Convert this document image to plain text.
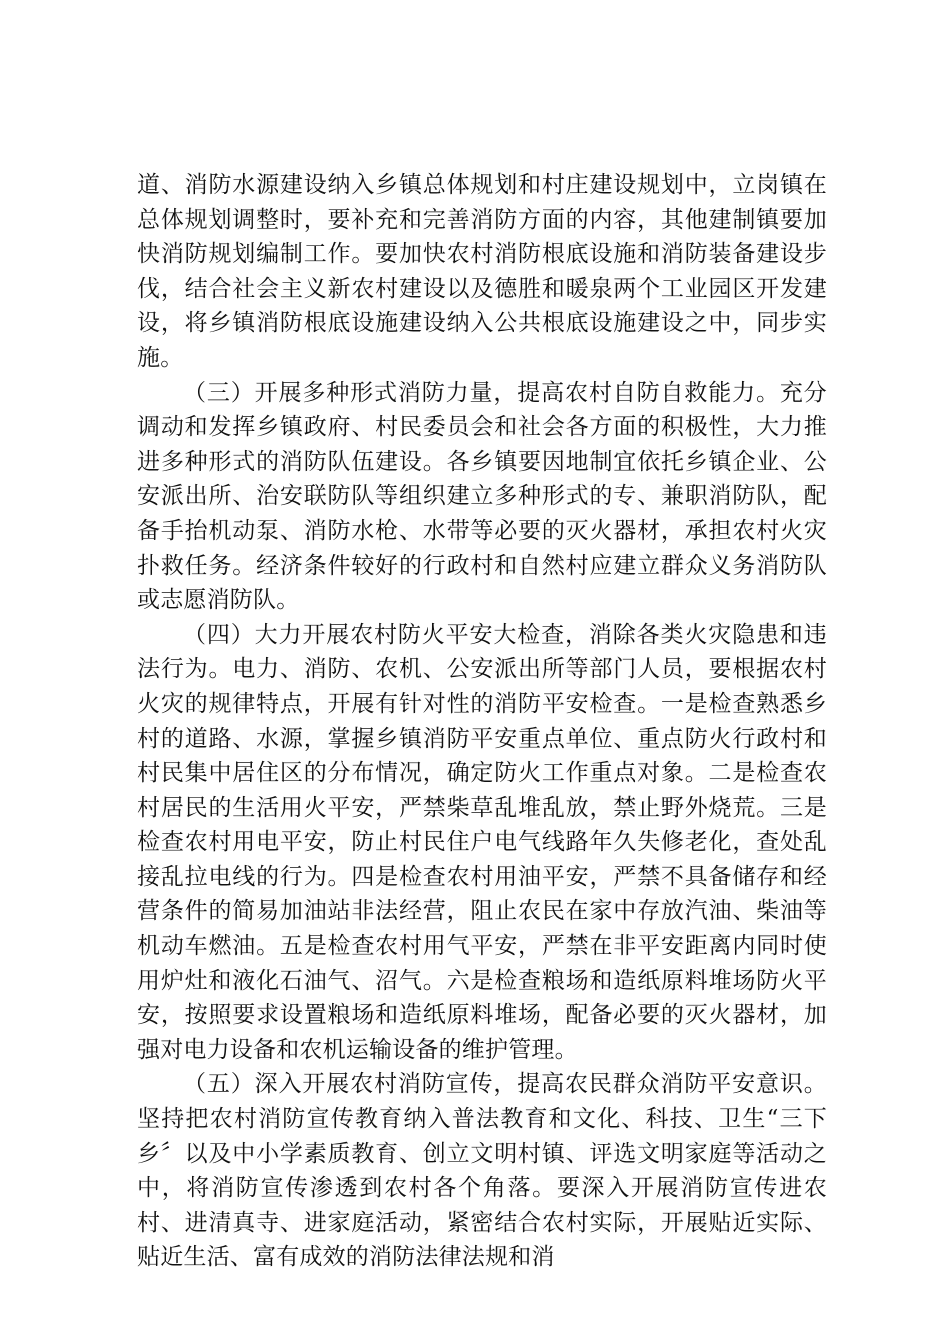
道、消防水源建设纳入乡镇总体规划和村庄建设规划中，立岗镇在总体规划调整时，要补充和完善消防方面的内容，其他建制镇要加快消防规划编制工作。要加快农村消防根底设施和消防装备建设步伐，结合社会主义新农村建设以及德胜和暖泉两个工业园区开发建设，将乡镇消防根底设施建设纳入公共根底设施建设之中，同步实施。

（三）开展多种形式消防力量，提高农村自防自救能力。充分调动和发挥乡镇政府、村民委员会和社会各方面的积极性，大力推进多种形式的消防队伍建设。各乡镇要因地制宜依托乡镇企业、公安派出所、治安联防队等组织建立多种形式的专、兼职消防队，配备手抬机动泵、消防水枪、水带等必要的灭火器材，承担农村火灾扑救任务。经济条件较好的行政村和自然村应建立群众义务消防队或志愿消防队。

（四）大力开展农村防火平安大检查，消除各类火灾隐患和违法行为。电力、消防、农机、公安派出所等部门人员，要根据农村火灾的规律特点，开展有针对性的消防平安检查。一是检查熟悉乡村的道路、水源，掌握乡镇消防平安重点单位、重点防火行政村和村民集中居住区的分布情况，确定防火工作重点对象。二是检查农村居民的生活用火平安，严禁柴草乱堆乱放，禁止野外烧荒。三是检查农村用电平安，防止村民住户电气线路年久失修老化，查处乱接乱拉电线的行为。四是检查农村用油平安，严禁不具备储存和经营条件的简易加油站非法经营，阻止农民在家中存放汽油、柴油等机动车燃油。五是检查农村用气平安，严禁在非平安距离内同时使用炉灶和液化石油气、沼气。六是检查粮场和造纸原料堆场防火平安，按照要求设置粮场和造纸原料堆场，配备必要的灭火器材，加强对电力设备和农机运输设备的维护管理。

（五）深入开展农村消防宣传，提高农民群众消防平安意识。坚持把农村消防宣传教育纳入普法教育和文化、科技、卫生“三下乡〞以及中小学素质教育、创立文明村镇、评选文明家庭等活动之中，将消防宣传渗透到农村各个角落。要深入开展消防宣传进农村、进清真寺、进家庭活动，紧密结合农村实际，开展贴近实际、贴近生活、富有成效的消防法律法规和消
